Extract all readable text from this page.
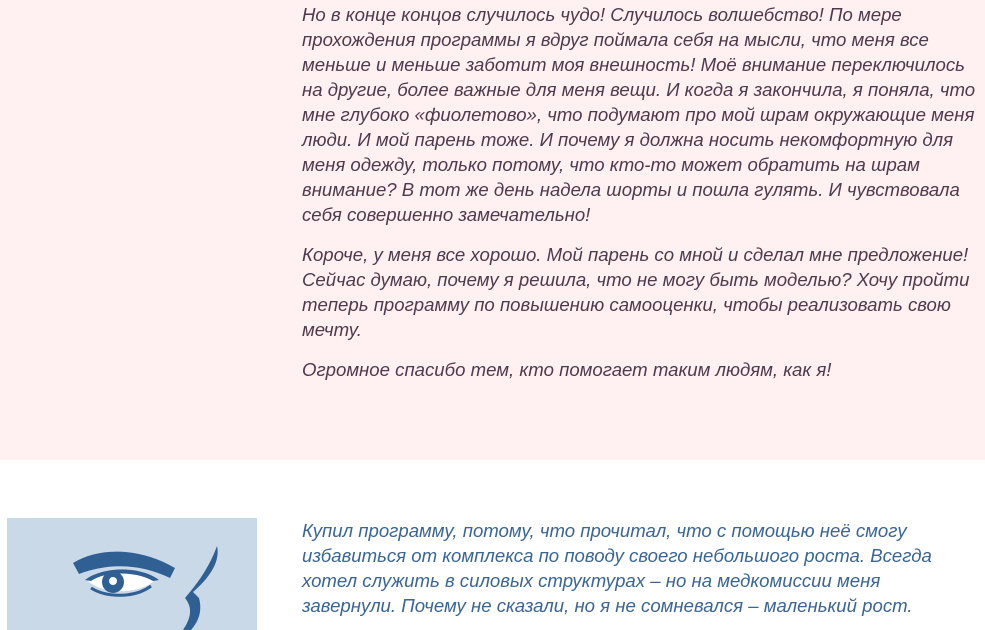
Но в конце концов случилось чудо! Случилось волшебство! По мере прохождения программы я вдруг поймала себя на мысли, что меня все меньше и меньше заботит моя внешность! Моё внимание переключилось на другие, более важные для меня вещи. И когда я закончила, я поняла, что мне глубоко «фиолетово», что подумают про мой шрам окружающие меня люди. И мой парень тоже. И почему я должна носить некомфортную для меня одежду, только потому, что кто-то может обратить на шрам внимание? В тот же день надела шорты и пошла гулять. И чувствовала себя совершенно замечательно!

Короче, у меня все хорошо. Мой парень со мной и сделал мне предложение! Сейчас думаю, почему я решила, что не могу быть моделью? Хочу пройти теперь программу по повышению самооценки, чтобы реализовать свою мечту.

Огромное спасибо тем, кто помогает таким людям, как я!

Купил программу, потому, что прочитал, что с помощью неё смогу избавиться от комплекса по поводу своего небольшого роста. Всегда хотел служить в силовых структурах – но на медкомиссии меня завернули. Почему не сказали, но я не сомневался – маленький рост.
